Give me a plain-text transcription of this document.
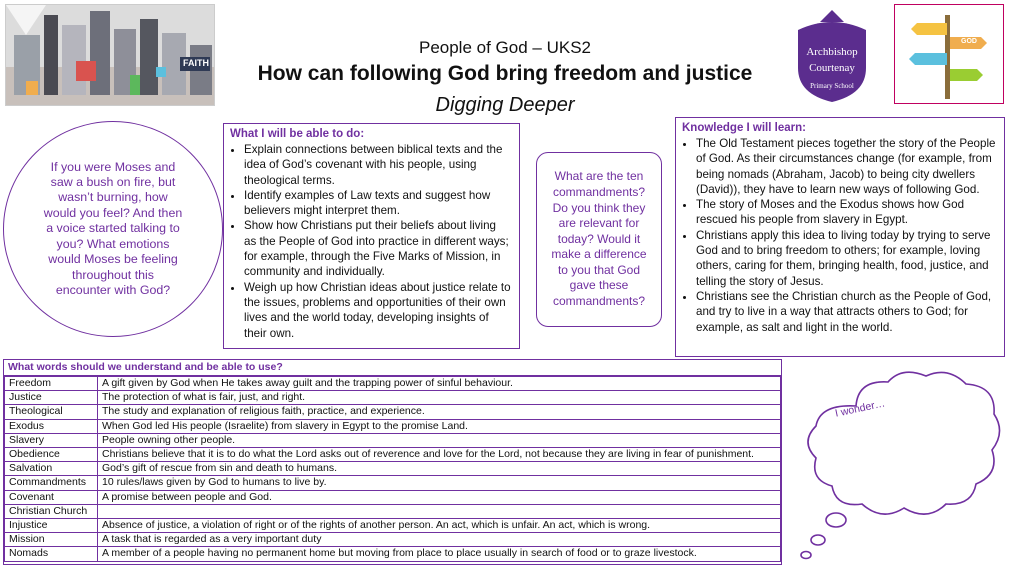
FAITH
People of God – UKS2
How can following God bring freedom and justice
Digging Deeper
Archbishop
Courtenay
Primary School
GOD
If you were Moses and saw a bush on fire, but wasn’t burning, how would you feel? And then a voice started talking to you? What emotions would Moses be feeling throughout this encounter with God?
What I will be able to do:
• Explain connections between biblical texts and the idea of God’s covenant with his people, using theological terms.
• Identify examples of Law texts and suggest how believers might interpret them.
• Show how Christians put their beliefs about living as the People of God into practice in different ways; for example, through the Five Marks of Mission, in community and individually.
• Weigh up how Christian ideas about justice relate to the issues, problems and opportunities of their own lives and the world today, developing insights of their own.
What are the ten commandments? Do you think they are relevant for today? Would it make a difference to you that God gave these commandments?
Knowledge I will learn:
• The Old Testament pieces together the story of the People of God. As their circumstances change (for example, from being nomads (Abraham, Jacob) to being city dwellers (David)), they have to learn new ways of following God.
• The story of Moses and the Exodus shows how God rescued his people from slavery in Egypt.
• Christians apply this idea to living today by trying to serve God and to bring freedom to others; for example, loving others, caring for them, bringing health, food, justice, and telling the story of Jesus.
• Christians see the Christian church as the People of God, and try to live in a way that attracts others to God; for example, as salt and light in the world.
What words should we understand and be able to use?
Freedom	A gift given by God when He takes away guilt and the trapping power of sinful behaviour.
Justice	The protection of what is fair, just, and right.
Theological	The study and explanation of religious faith, practice, and experience.
Exodus	When God led His people (Israelite) from slavery in Egypt to the promise Land.
Slavery	People owning other people.
Obedience	Christians believe that it is to do what the Lord asks out of reverence and love for the Lord, not because they are living in fear of punishment.
Salvation	God’s gift of rescue from sin and death to humans.
Commandments	10 rules/laws given by God to humans to live by.
Covenant	A promise between people and God.
Christian Church	
Injustice	Absence of justice, a violation of right or of the rights of another person. An act, which is unfair. An act, which is wrong.
Mission	A task that is regarded as a very important duty
Nomads	A member of a people having no permanent home but moving from place to place usually in search of food or to graze livestock.
I wonder…
